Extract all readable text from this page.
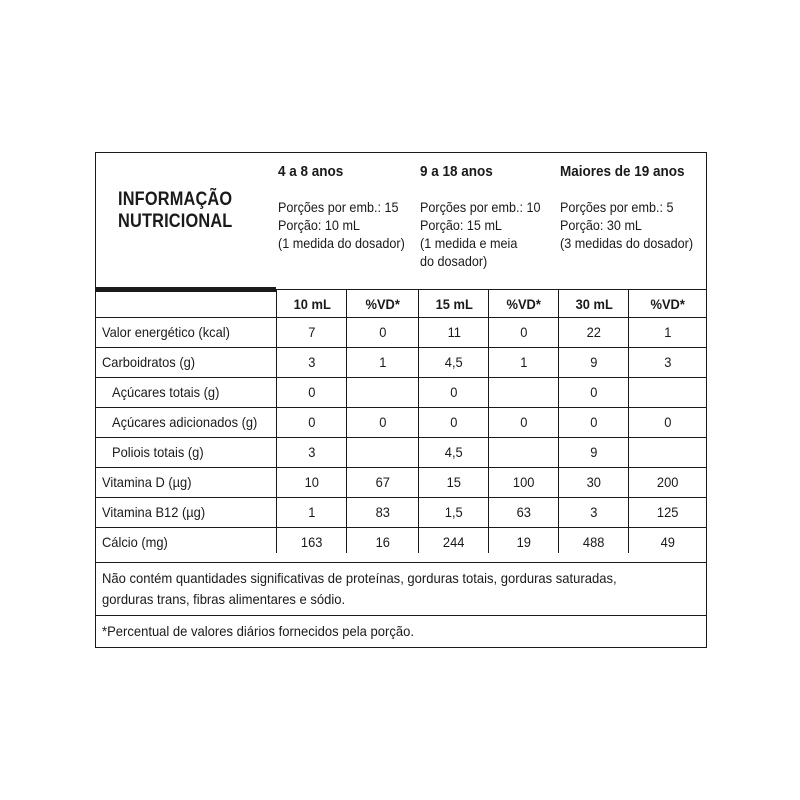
INFORMAÇÃO
NUTRICIONAL
4 a 8 anos
Porções por emb.: 15
Porção: 10 mL
(1 medida do dosador)
9 a 18 anos
Porções por emb.: 10
Porção: 15 mL
(1 medida e meia
do dosador)
Maiores de 19 anos
Porções por emb.: 5
Porção: 30 mL
(3 medidas do dosador)
	10 mL	%VD*	15 mL	%VD*	30 mL	%VD*
Valor energético (kcal)	7	0	11	0	22	1
Carboidratos (g)	3	1	4,5	1	9	3
Açúcares totais (g)	0		0		0	
Açúcares adicionados (g)	0	0	0	0	0	0
Poliois totais (g)	3		4,5		9	
Vitamina D (µg)	10	67	15	100	30	200
Vitamina B12 (µg)	1	83	1,5	63	3	125
Cálcio (mg)	163	16	244	19	488	49
Não contém quantidades significativas de proteínas, gorduras totais, gorduras saturadas,
gorduras trans, fibras alimentares e sódio.
*Percentual de valores diários fornecidos pela porção.
